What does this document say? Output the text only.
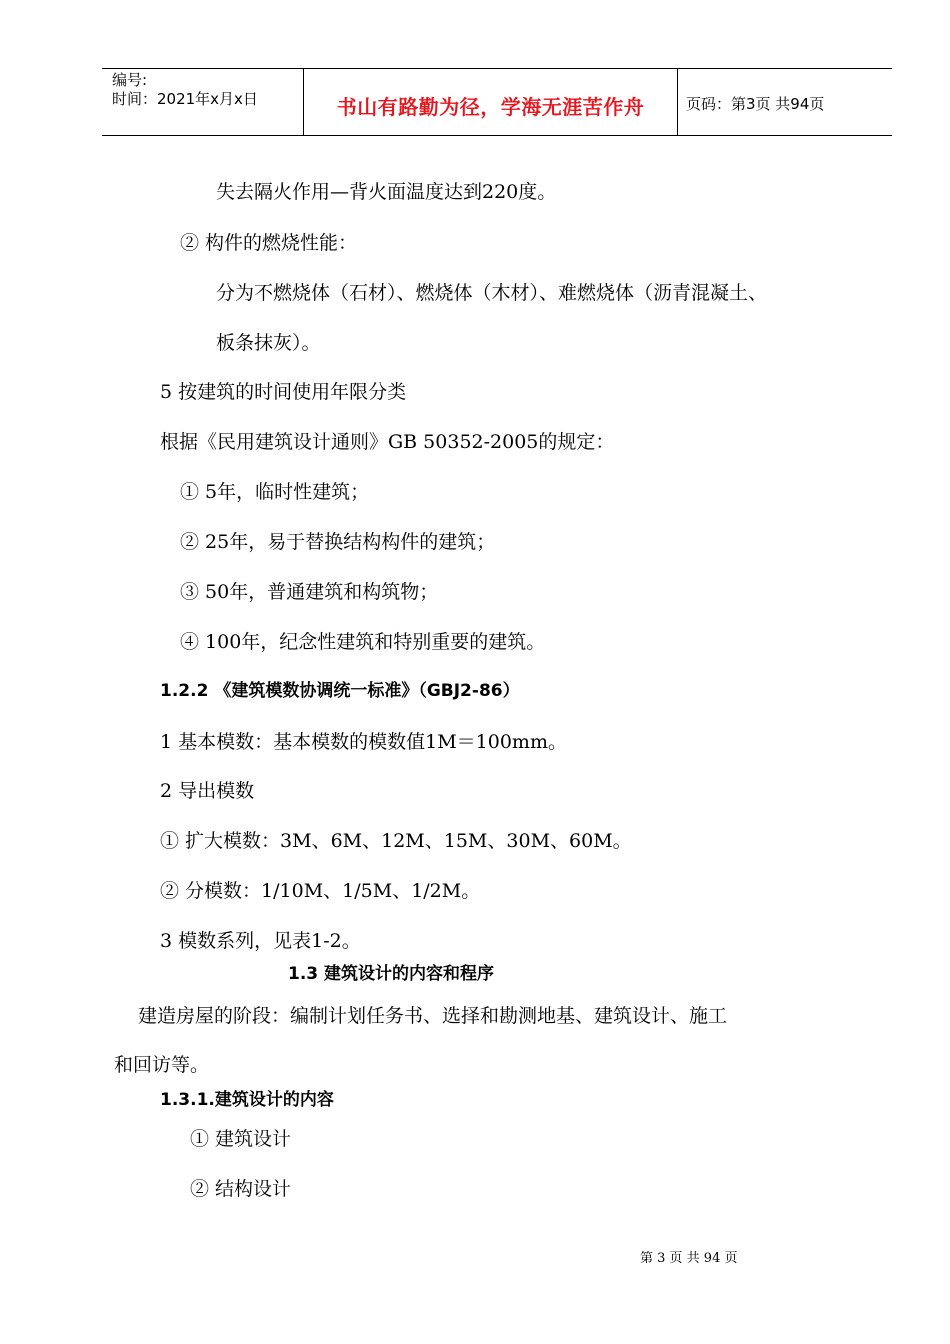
编号:
时间：2021年x月x日	书山有路勤为径，学海无涯苦作舟	页码：第3页 共94页
失去隔火作用—背火面温度达到220度。
② 构件的燃烧性能：
分为不燃烧体（石材）、燃烧体（木材）、难燃烧体（沥青混凝土、
板条抹灰）。
5 按建筑的时间使用年限分类
根据《民用建筑设计通则》GB 50352-2005的规定：
① 5年，临时性建筑；
② 25年，易于替换结构构件的建筑；
③ 50年，普通建筑和构筑物；
④ 100年，纪念性建筑和特别重要的建筑。
1.2.2 《建筑模数协调统一标准》（GBJ2-86）
1 基本模数：基本模数的模数值1M＝100mm。
2 导出模数
① 扩大模数：3M、6M、12M、15M、30M、60M。
② 分模数：1/10M、1/5M、1/2M。
3 模数系列，见表1-2。
1.3 建筑设计的内容和程序
建造房屋的阶段：编制计划任务书、选择和勘测地基、建筑设计、施工
和回访等。
1.3.1.建筑设计的内容
① 建筑设计
② 结构设计
第 3 页 共 94 页
